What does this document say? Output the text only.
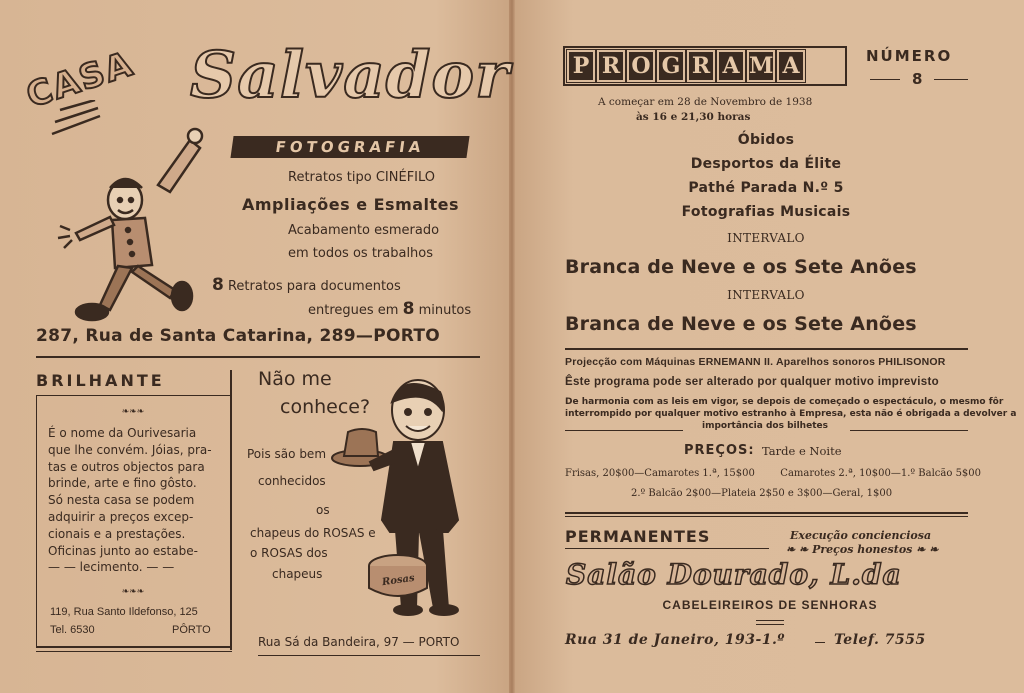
CASA Salvador
FOTOGRAFIA
Retratos tipo CINÉFILO
Ampliações e Esmaltes
Acabamento esmerado
em todos os trabalhos
8 Retratos para documentos
entregues em 8 minutos
287, Rua de Santa Catarina, 289—PORTO
BRILHANTE
❧❧❧
É o nome da Ourivesaria
que lhe convém. Jóias, pra-
tas e outros objectos para
brinde, arte e fino gôsto.
Só nesta casa se podem
adquirir a preços excep-
cionais e a prestações.
Oficinas junto ao estabe-
— — lecimento. — —
❧❧❧
119, Rua Santo Ildefonso, 125
Tel. 6530	PÔRTO
Não me
conhece?
Pois são bem
conhecidos
os
chapeus do ROSAS e
o ROSAS dos
chapeus	Rosas
Rua Sá da Bandeira, 97 — PORTO
P R O G R A M A	NÚMERO
8
A começar em 28 de Novembro de 1938
às 16 e 21,30 horas
Óbidos
Desportos da Élite
Pathé Parada N.º 5
Fotografias Musicais
INTERVALO
Branca de Neve e os Sete Anões
INTERVALO
Branca de Neve e os Sete Anões
Projecção com Máquinas ERNEMANN II. Aparelhos sonoros PHILISONOR
Êste programa pode ser alterado por qualquer motivo imprevisto
De harmonia com as leis em vigor, se depois de começado o espectáculo, o mesmo fôr
interrompido por qualquer motivo estranho à Empresa, esta não é obrigada a devolver a
importância dos bilhetes
PREÇOS: Tarde e Noite
Frisas, 20$00—Camarotes 1.ª, 15$00        Camarotes 2.ª, 10$00—1.º Balcão 5$00
2.º Balcão 2$00—Plateia 2$50 e 3$00—Geral, 1$00
PERMANENTES	Execução concienciosa
❧ ❧ Preços honestos ❧ ❧
Salão Dourado, L.da
CABELEIREIROS DE SENHORAS
Rua 31 de Janeiro, 193-1.º	Telef. 7555
